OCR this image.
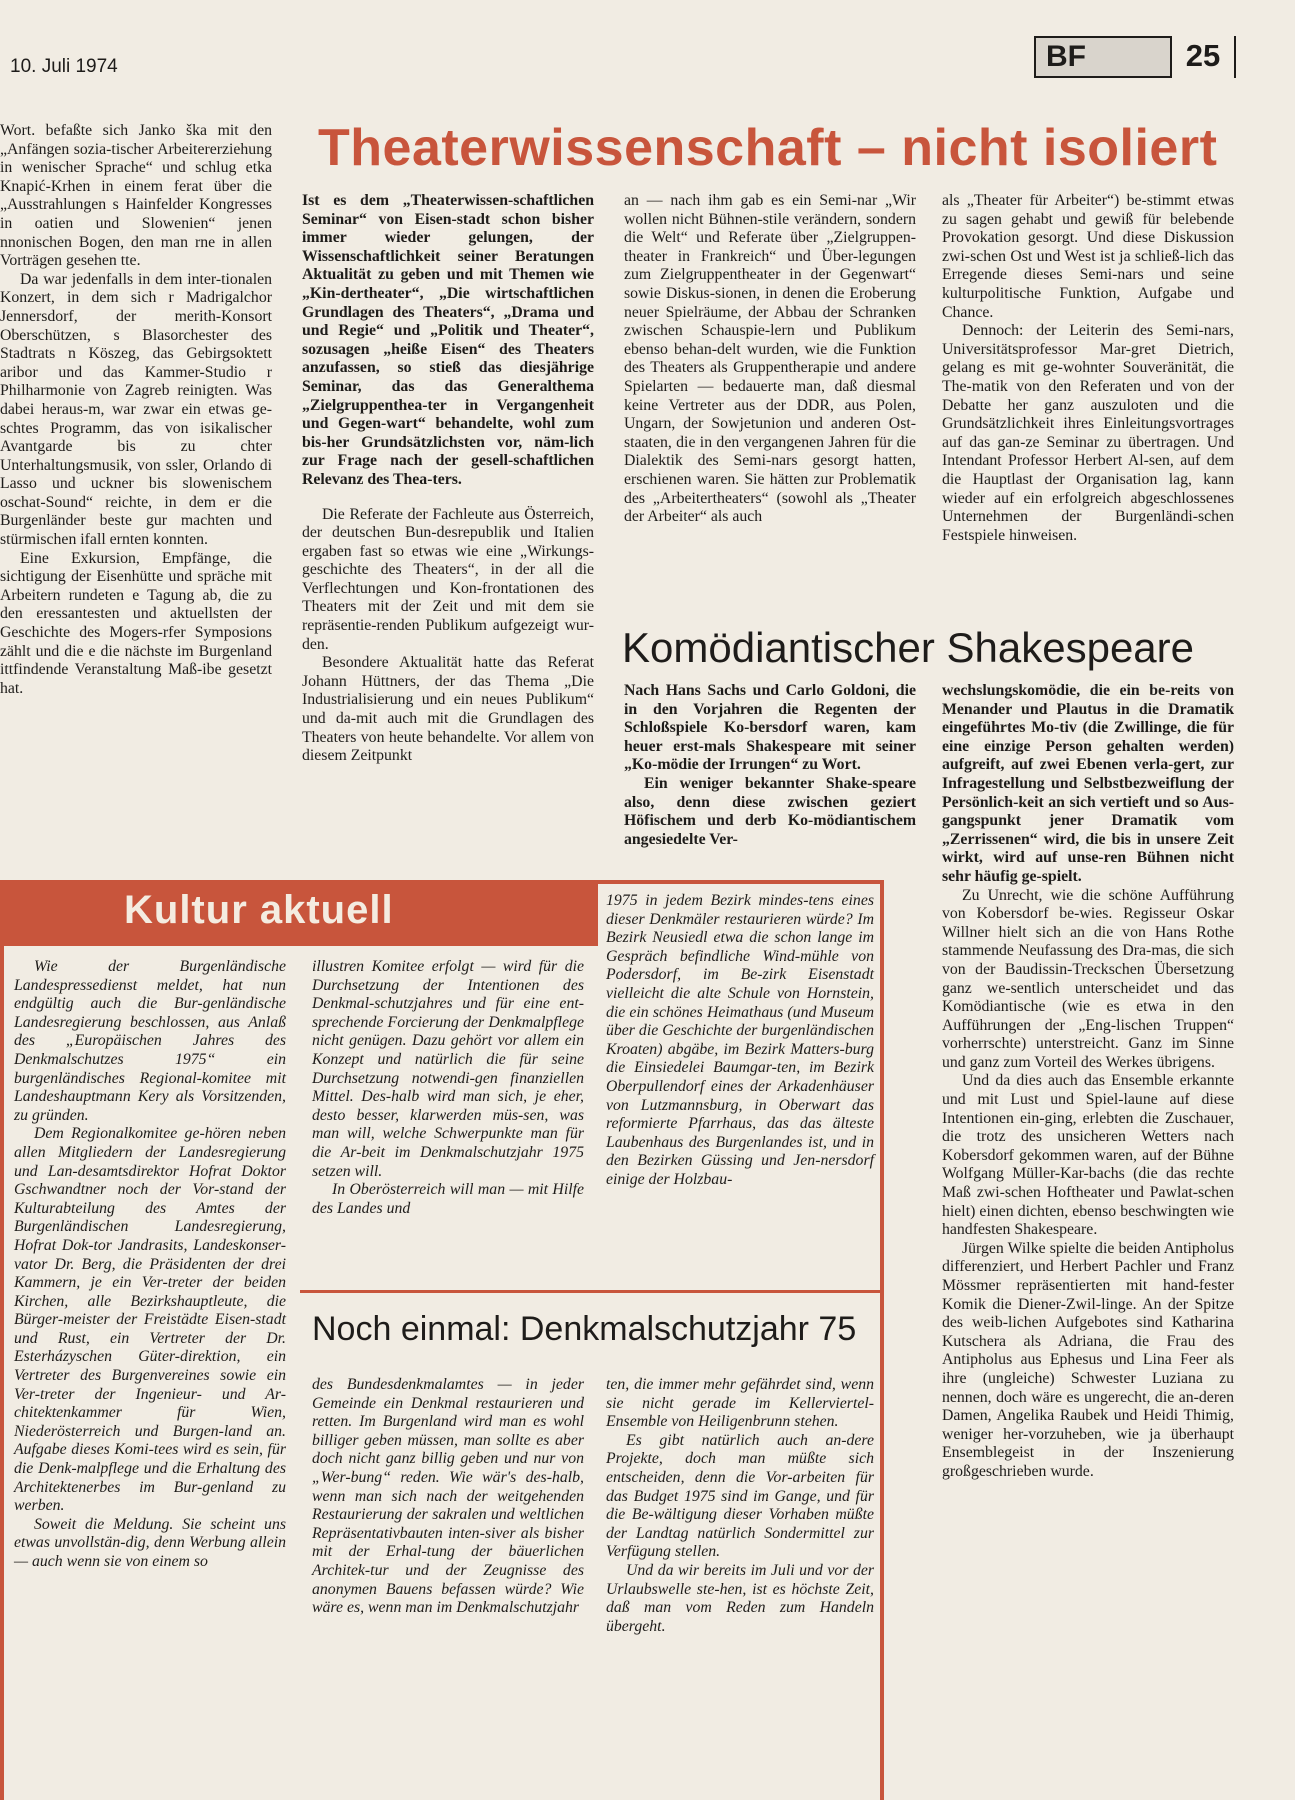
10. Juli 1974	BF	25

Wort. befaßte sich Janko ška mit den „Anfängen sozia-tischer Arbeitererziehung in wenischer Sprache“ und schlug etka Knapić-Krhen in einem ferat über die „Ausstrahlungen s Hainfelder Kongresses in oatien und Slowenien“ jenen nnonischen Bogen, den man rne in allen Vorträgen gesehen tte.

Da war jedenfalls in dem inter-tionalen Konzert, in dem sich r Madrigalchor Jennersdorf, der merith-Konsort Oberschützen, s Blasorchester des Stadtrats n Köszeg, das Gebirgsoktett aribor und das Kammer-Studio r Philharmonie von Zagreb reinigten. Was dabei heraus-m, war zwar ein etwas ge-schtes Programm, das von isikalischer Avantgarde bis zu chter Unterhaltungsmusik, von ssler, Orlando di Lasso und uckner bis slowenischem oschat-Sound“ reichte, in dem er die Burgenländer beste gur machten und stürmischen ifall ernten konnten.

Eine Exkursion, Empfänge, die sichtigung der Eisenhütte und spräche mit Arbeitern rundeten e Tagung ab, die zu den eressantesten und aktuellsten der Geschichte des Mogers-rfer Symposions zählt und die e die nächste im Burgenland ittfindende Veranstaltung Maß-ibe gesetzt hat.

Theaterwissenschaft – nicht isoliert

Ist es dem „Theaterwissen-schaftlichen Seminar“ von Eisen-stadt schon bisher immer wieder gelungen, der Wissenschaftlichkeit seiner Beratungen Aktualität zu geben und mit Themen wie „Kin-dertheater“, „Die wirtschaftlichen Grundlagen des Theaters“, „Drama und und Regie“ und „Politik und Theater“, sozusagen „heiße Eisen“ des Theaters anzufassen, so stieß das diesjährige Seminar, das das Generalthema „Zielgruppenthea-ter in Vergangenheit und Gegen-wart“ behandelte, wohl zum bis-her Grundsätzlichsten vor, näm-lich zur Frage nach der gesell-schaftlichen Relevanz des Thea-ters.

Die Referate der Fachleute aus Österreich, der deutschen Bun-desrepublik und Italien ergaben fast so etwas wie eine „Wirkungs-geschichte des Theaters“, in der all die Verflechtungen und Kon-frontationen des Theaters mit der Zeit und mit dem sie repräsentie-renden Publikum aufgezeigt wur-den.

Besondere Aktualität hatte das Referat Johann Hüttners, der das Thema „Die Industrialisierung und ein neues Publikum“ und da-mit auch mit die Grundlagen des Theaters von heute behandelte. Vor allem von diesem Zeitpunkt

an — nach ihm gab es ein Semi-nar „Wir wollen nicht Bühnen-stile verändern, sondern die Welt“ und Referate über „Zielgruppen-theater in Frankreich“ und Über-legungen zum Zielgruppentheater in der Gegenwart“ sowie Diskus-sionen, in denen die Eroberung neuer Spielräume, der Abbau der Schranken zwischen Schauspie-lern und Publikum ebenso behan-delt wurden, wie die Funktion des Theaters als Gruppentherapie und andere Spielarten — bedauerte man, daß diesmal keine Vertreter aus der DDR, aus Polen, Ungarn, der Sowjetunion und anderen Ost-staaten, die in den vergangenen Jahren für die Dialektik des Semi-nars gesorgt hatten, erschienen waren. Sie hätten zur Problematik des „Arbeitertheaters“ (sowohl als „Theater der Arbeiter“ als auch

als „Theater für Arbeiter“) be-stimmt etwas zu sagen gehabt und gewiß für belebende Provokation gesorgt. Und diese Diskussion zwi-schen Ost und West ist ja schließ-lich das Erregende dieses Semi-nars und seine kulturpolitische Funktion, Aufgabe und Chance.

Dennoch: der Leiterin des Semi-nars, Universitätsprofessor Mar-gret Dietrich, gelang es mit ge-wohnter Souveränität, die The-matik von den Referaten und von der Debatte her ganz auszuloten und die Grundsätzlichkeit ihres Einleitungsvortrages auf das gan-ze Seminar zu übertragen. Und Intendant Professor Herbert Al-sen, auf dem die Hauptlast der Organisation lag, kann wieder auf ein erfolgreich abgeschlossenes Unternehmen der Burgenländi-schen Festspiele hinweisen.

Komödiantischer Shakespeare

Nach Hans Sachs und Carlo Goldoni, die in den Vorjahren die Regenten der Schloßspiele Ko-bersdorf waren, kam heuer erst-mals Shakespeare mit seiner „Ko-mödie der Irrungen“ zu Wort.

Ein weniger bekannter Shake-speare also, denn diese zwischen geziert Höfischem und derb Ko-mödiantischem angesiedelte Ver-

wechslungskomödie, die ein be-reits von Menander und Plautus in die Dramatik eingeführtes Mo-tiv (die Zwillinge, die für eine einzige Person gehalten werden) aufgreift, auf zwei Ebenen verla-gert, zur Infragestellung und Selbstbezweiflung der Persönlich-keit an sich vertieft und so Aus-gangspunkt jener Dramatik vom „Zerrissenen“ wird, die bis in unsere Zeit wirkt, wird auf unse-ren Bühnen nicht sehr häufig ge-spielt.

Zu Unrecht, wie die schöne Aufführung von Kobersdorf be-wies. Regisseur Oskar Willner hielt sich an die von Hans Rothe stammende Neufassung des Dra-mas, die sich von der Baudissin-Treckschen Übersetzung ganz we-sentlich unterscheidet und das Komödiantische (wie es etwa in den Aufführungen der „Eng-lischen Truppen“ vorherrschte) unterstreicht. Ganz im Sinne und ganz zum Vorteil des Werkes übrigens.

Und da dies auch das Ensemble erkannte und mit Lust und Spiel-laune auf diese Intentionen ein-ging, erlebten die Zuschauer, die trotz des unsicheren Wetters nach Kobersdorf gekommen waren, auf der Bühne Wolfgang Müller-Kar-bachs (die das rechte Maß zwi-schen Hoftheater und Pawlat-schen hielt) einen dichten, ebenso beschwingten wie handfesten Shakespeare.

Jürgen Wilke spielte die beiden Antipholus differenziert, und Herbert Pachler und Franz Mössmer repräsentierten mit hand-fester Komik die Diener-Zwil-linge. An der Spitze des weib-lichen Aufgebotes sind Katharina Kutschera als Adriana, die Frau des Antipholus aus Ephesus und Lina Feer als ihre (ungleiche) Schwester Luziana zu nennen, doch wäre es ungerecht, die an-deren Damen, Angelika Raubek und Heidi Thimig, weniger her-vorzuheben, wie ja überhaupt Ensemblegeist in der Inszenierung großgeschrieben wurde.

Kultur aktuell

Wie der Burgenländische Landespressedienst meldet, hat nun endgültig auch die Bur-genländische Landesregierung beschlossen, aus Anlaß des „Europäischen Jahres des Denkmalschutzes 1975“ ein burgenländisches Regional-komitee mit Landeshauptmann Kery als Vorsitzenden, zu gründen.

Dem Regionalkomitee ge-hören neben allen Mitgliedern der Landesregierung und Lan-desamtsdirektor Hofrat Doktor Gschwandtner noch der Vor-stand der Kulturabteilung des Amtes der Burgenländischen Landesregierung, Hofrat Dok-tor Jandrasits, Landeskonser-vator Dr. Berg, die Präsidenten der drei Kammern, je ein Ver-treter der beiden Kirchen, alle Bezirkshauptleute, die Bürger-meister der Freistädte Eisen-stadt und Rust, ein Vertreter der Dr. Esterházyschen Güter-direktion, ein Vertreter des Burgenvereines sowie ein Ver-treter der Ingenieur- und Ar-chitektenkammer für Wien, Niederösterreich und Burgen-land an. Aufgabe dieses Komi-tees wird es sein, für die Denk-malpflege und die Erhaltung des Architektenerbes im Bur-genland zu werben.

Soweit die Meldung. Sie scheint uns etwas unvollstän-dig, denn Werbung allein — auch wenn sie von einem so

illustren Komitee erfolgt — wird für die Durchsetzung der Intentionen des Denkmal-schutzjahres und für eine ent-sprechende Forcierung der Denkmalpflege nicht genügen. Dazu gehört vor allem ein Konzept und natürlich die für seine Durchsetzung notwendi-gen finanziellen Mittel. Des-halb wird man sich, je eher, desto besser, klarwerden müs-sen, was man will, welche Schwerpunkte man für die Ar-beit im Denkmalschutzjahr 1975 setzen will.

In Oberösterreich will man — mit Hilfe des Landes und

1975 in jedem Bezirk mindes-tens eines dieser Denkmäler restaurieren würde? Im Bezirk Neusiedl etwa die schon lange im Gespräch befindliche Wind-mühle von Podersdorf, im Be-zirk Eisenstadt vielleicht die alte Schule von Hornstein, die ein schönes Heimathaus (und Museum über die Geschichte der burgenländischen Kroaten) abgäbe, im Bezirk Matters-burg die Einsiedelei Baumgar-ten, im Bezirk Oberpullendorf eines der Arkadenhäuser von Lutzmannsburg, in Oberwart das reformierte Pfarrhaus, das das älteste Laubenhaus des Burgenlandes ist, und in den Bezirken Güssing und Jen-nersdorf einige der Holzbau-

Noch einmal: Denkmalschutzjahr 75

des Bundesdenkmalamtes — in jeder Gemeinde ein Denkmal restaurieren und retten. Im Burgenland wird man es wohl billiger geben müssen, man sollte es aber doch nicht ganz billig geben und nur von „Wer-bung“ reden. Wie wär's des-halb, wenn man sich nach der weitgehenden Restaurierung der sakralen und weltlichen Repräsentativbauten inten-siver als bisher mit der Erhal-tung der bäuerlichen Architek-tur und der Zeugnisse des anonymen Bauens befassen würde? Wie wäre es, wenn man im Denkmalschutzjahr

ten, die immer mehr gefährdet sind, wenn sie nicht gerade im Kellerviertel-Ensemble von Heiligenbrunn stehen.

Es gibt natürlich auch an-dere Projekte, doch man müßte sich entscheiden, denn die Vor-arbeiten für das Budget 1975 sind im Gange, und für die Be-wältigung dieser Vorhaben müßte der Landtag natürlich Sondermittel zur Verfügung stellen.

Und da wir bereits im Juli und vor der Urlaubswelle ste-hen, ist es höchste Zeit, daß man vom Reden zum Handeln übergeht.
